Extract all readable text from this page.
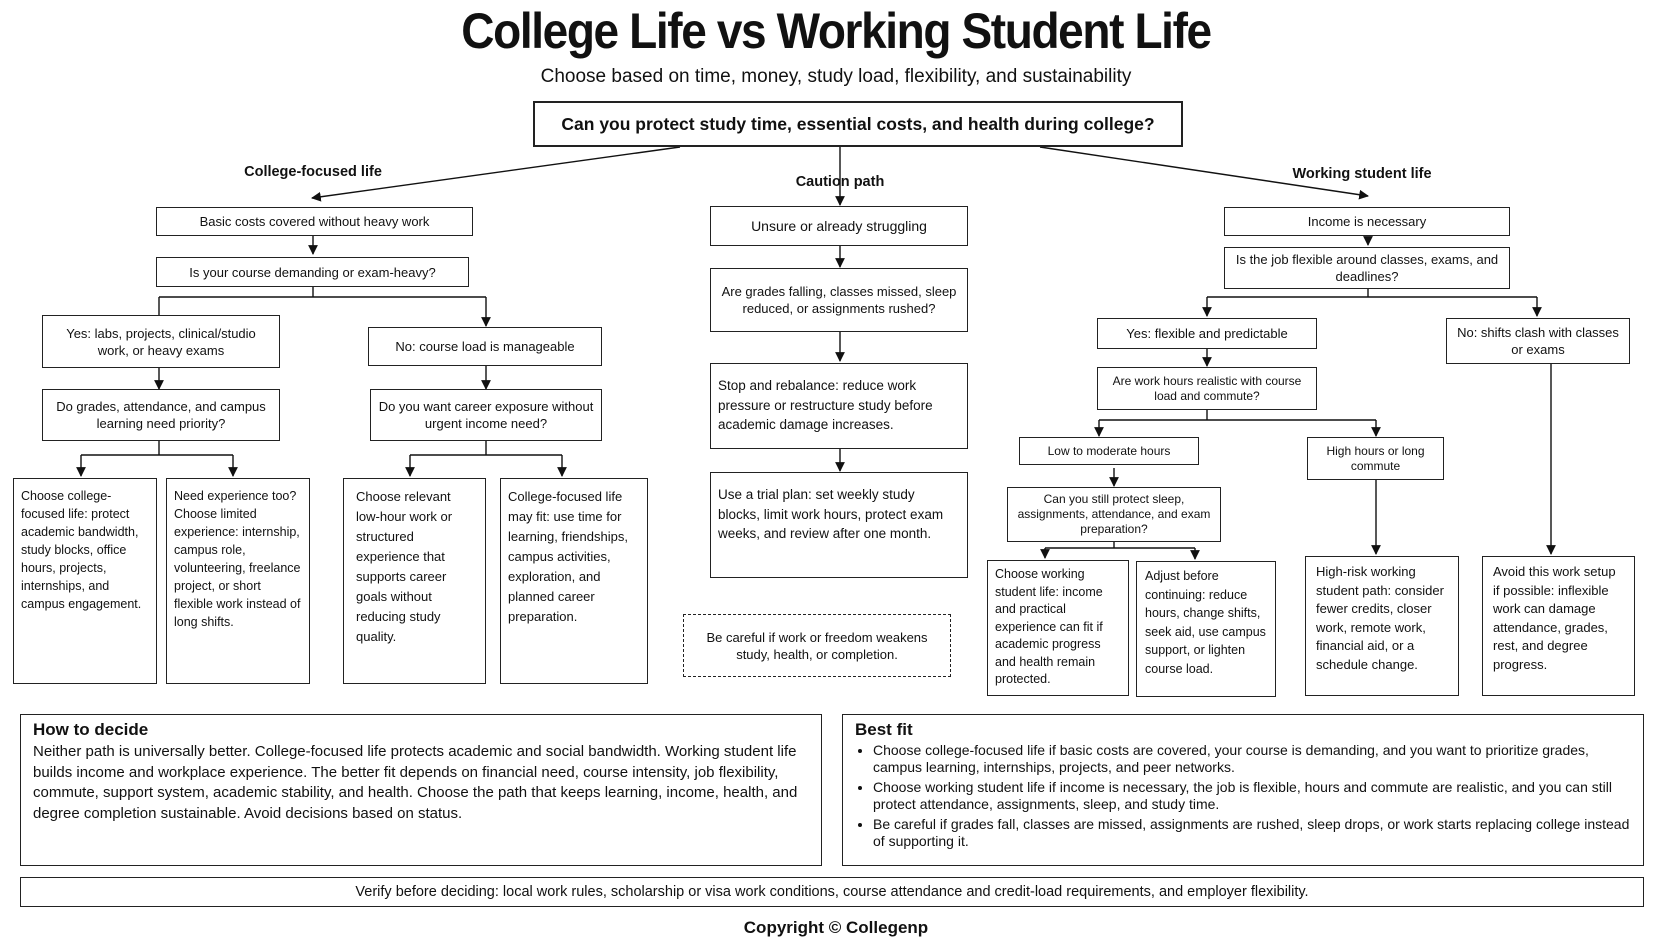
College Life vs Working Student Life
Choose based on time, money, study load, flexibility, and sustainability
Can you protect study time, essential costs, and health during college?
College-focused life
Caution path	Working student life
Basic costs covered without heavy work
Is your course demanding or exam-heavy?
Yes: labs, projects, clinical/studio work, or heavy exams	No: course load is manageable
Do grades, attendance, and campus learning need priority?
Do you want career exposure without urgent income need?
Choose college-focused life: protect academic bandwidth, study blocks, office hours, projects, internships, and campus engagement.
Need experience too? Choose limited experience: internship, campus role, volunteering, freelance project, or short flexible work instead of long shifts.
Choose relevant low-hour work or structured experience that supports career goals without reducing study quality.
College-focused life may fit: use time for learning, friendships, campus activities, exploration, and planned career preparation.
Unsure or already struggling
Are grades falling, classes missed, sleep reduced, or assignments rushed?
Stop and rebalance: reduce work pressure or restructure study before academic damage increases.
Use a trial plan: set weekly study blocks, limit work hours, protect exam weeks, and review after one month.
Be careful if work or freedom weakens study, health, or completion.
Income is necessary
Is the job flexible around classes, exams, and deadlines?
Yes: flexible and predictable	No: shifts clash with classes or exams
Are work hours realistic with course load and commute?
Low to moderate hours	High hours or long commute
Can you still protect sleep, assignments, attendance, and exam preparation?
Choose working student life: income and practical experience can fit if academic progress and health remain protected.
Adjust before continuing: reduce hours, change shifts, seek aid, use campus support, or lighten course load.
High-risk working student path: consider fewer credits, closer work, remote work, financial aid, or a schedule change.
Avoid this work setup if possible: inflexible work can damage attendance, grades, rest, and degree progress.
How to decide

Neither path is universally better. College-focused life protects academic and social bandwidth. Working student life builds income and workplace experience. The better fit depends on financial need, course intensity, job flexibility, commute, support system, academic stability, and health. Choose the path that keeps learning, income, health, and degree completion sustainable. Avoid decisions based on status.

Best fit
• Choose college-focused life if basic costs are covered, your course is demanding, and you want to prioritize grades, campus learning, internships, projects, and peer networks.
• Choose working student life if income is necessary, the job is flexible, hours and commute are realistic, and you can still protect attendance, assignments, sleep, and study time.
• Be careful if grades fall, classes are missed, assignments are rushed, sleep drops, or work starts replacing college instead of supporting it.
Verify before deciding: local work rules, scholarship or visa work conditions, course attendance and credit-load requirements, and employer flexibility.
Copyright © Collegenp
